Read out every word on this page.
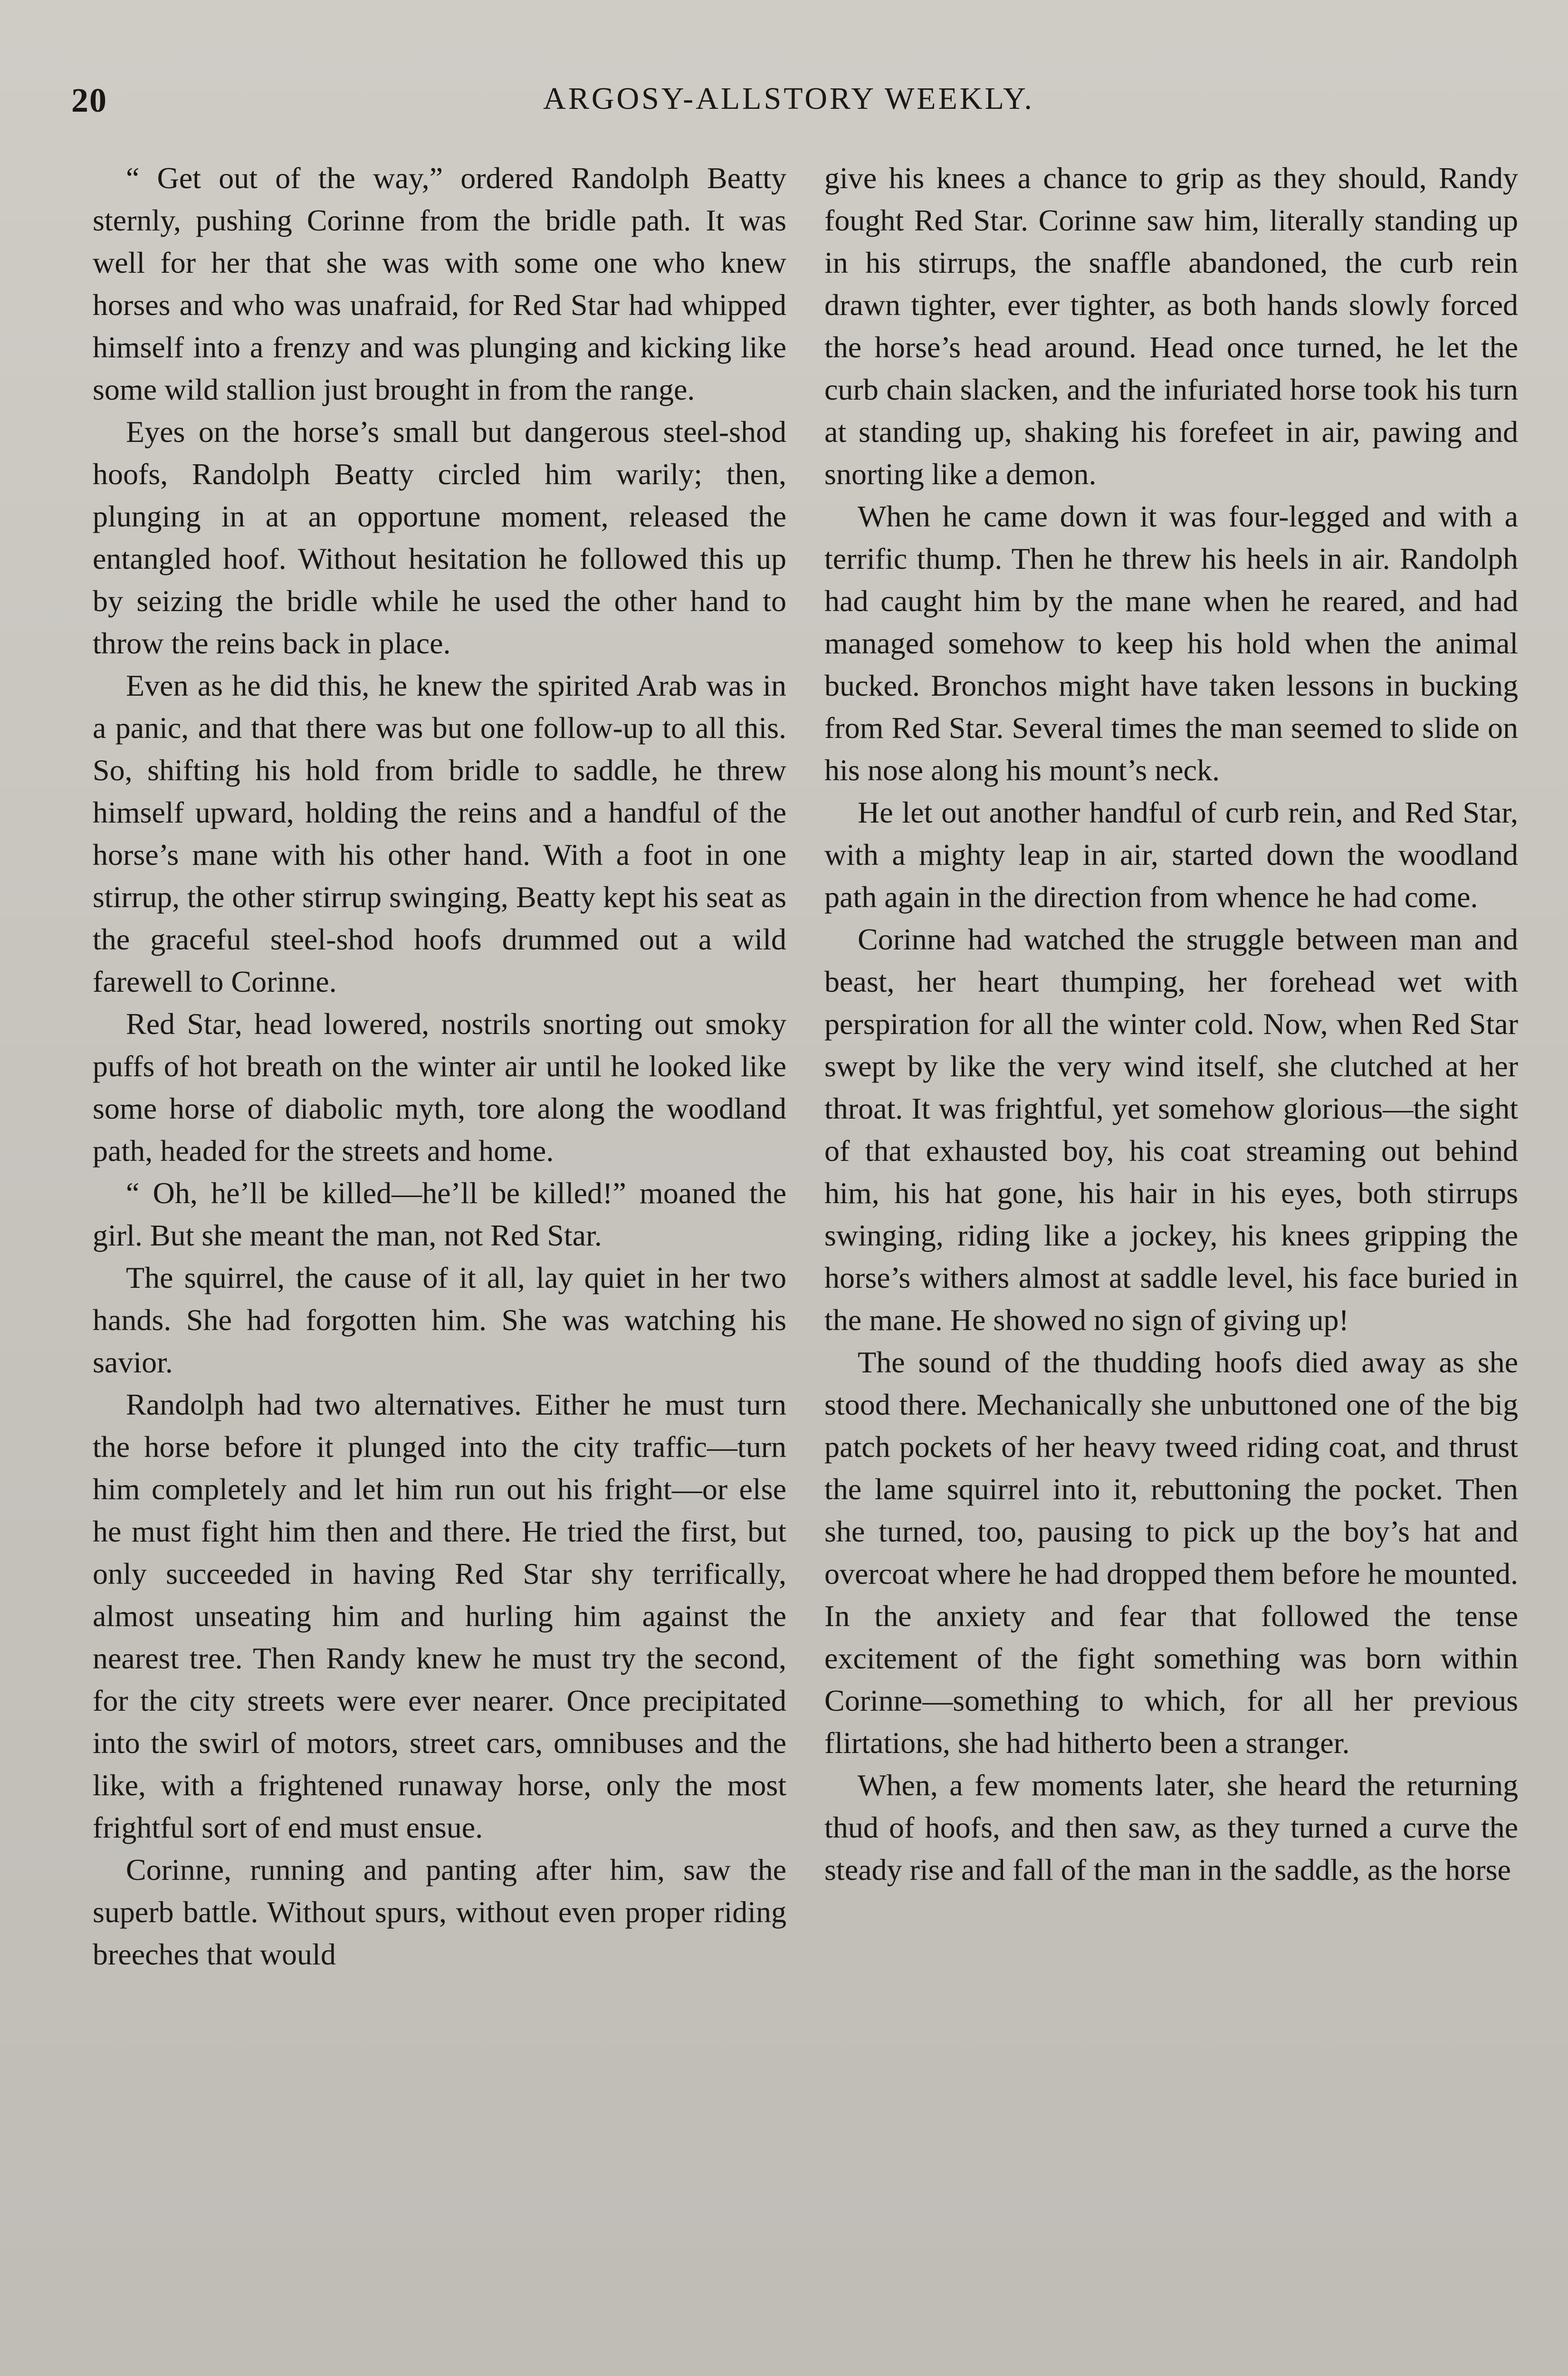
20	ARGOSY-ALLSTORY WEEKLY.

“ Get out of the way,” ordered Randolph Beatty sternly, pushing Corinne from the bridle path. It was well for her that she was with some one who knew horses and who was unafraid, for Red Star had whipped himself into a frenzy and was plunging and kicking like some wild stallion just brought in from the range.

Eyes on the horse’s small but dangerous steel-shod hoofs, Randolph Beatty circled him warily; then, plunging in at an opportune moment, released the entangled hoof. Without hesitation he followed this up by seizing the bridle while he used the other hand to throw the reins back in place.

Even as he did this, he knew the spirited Arab was in a panic, and that there was but one follow-up to all this. So, shifting his hold from bridle to saddle, he threw himself upward, holding the reins and a handful of the horse’s mane with his other hand. With a foot in one stirrup, the other stirrup swinging, Beatty kept his seat as the graceful steel-shod hoofs drummed out a wild farewell to Corinne.

Red Star, head lowered, nostrils snorting out smoky puffs of hot breath on the winter air until he looked like some horse of diabolic myth, tore along the woodland path, headed for the streets and home.

“ Oh, he’ll be killed—he’ll be killed!” moaned the girl. But she meant the man, not Red Star.

The squirrel, the cause of it all, lay quiet in her two hands. She had forgotten him. She was watching his savior.

Randolph had two alternatives. Either he must turn the horse before it plunged into the city traffic—turn him completely and let him run out his fright—or else he must fight him then and there. He tried the first, but only succeeded in having Red Star shy terrifically, almost unseating him and hurling him against the nearest tree. Then Randy knew he must try the second, for the city streets were ever nearer. Once precipitated into the swirl of motors, street cars, omnibuses and the like, with a frightened runaway horse, only the most frightful sort of end must ensue.

Corinne, running and panting after him, saw the superb battle. Without spurs, without even proper riding breeches that would

give his knees a chance to grip as they should, Randy fought Red Star. Corinne saw him, literally standing up in his stirrups, the snaffle abandoned, the curb rein drawn tighter, ever tighter, as both hands slowly forced the horse’s head around. Head once turned, he let the curb chain slacken, and the infuriated horse took his turn at standing up, shaking his forefeet in air, pawing and snorting like a demon.

When he came down it was four-legged and with a terrific thump. Then he threw his heels in air. Randolph had caught him by the mane when he reared, and had managed somehow to keep his hold when the animal bucked. Bronchos might have taken lessons in bucking from Red Star. Several times the man seemed to slide on his nose along his mount’s neck.

He let out another handful of curb rein, and Red Star, with a mighty leap in air, started down the woodland path again in the direction from whence he had come.

Corinne had watched the struggle between man and beast, her heart thumping, her forehead wet with perspiration for all the winter cold. Now, when Red Star swept by like the very wind itself, she clutched at her throat. It was frightful, yet somehow glorious—the sight of that exhausted boy, his coat streaming out behind him, his hat gone, his hair in his eyes, both stirrups swinging, riding like a jockey, his knees gripping the horse’s withers almost at saddle level, his face buried in the mane. He showed no sign of giving up!

The sound of the thudding hoofs died away as she stood there. Mechanically she unbuttoned one of the big patch pockets of her heavy tweed riding coat, and thrust the lame squirrel into it, rebuttoning the pocket. Then she turned, too, pausing to pick up the boy’s hat and overcoat where he had dropped them before he mounted. In the anxiety and fear that followed the tense excitement of the fight something was born within Corinne—something to which, for all her previous flirtations, she had hitherto been a stranger.

When, a few moments later, she heard the returning thud of hoofs, and then saw, as they turned a curve the steady rise and fall of the man in the saddle, as the horse
